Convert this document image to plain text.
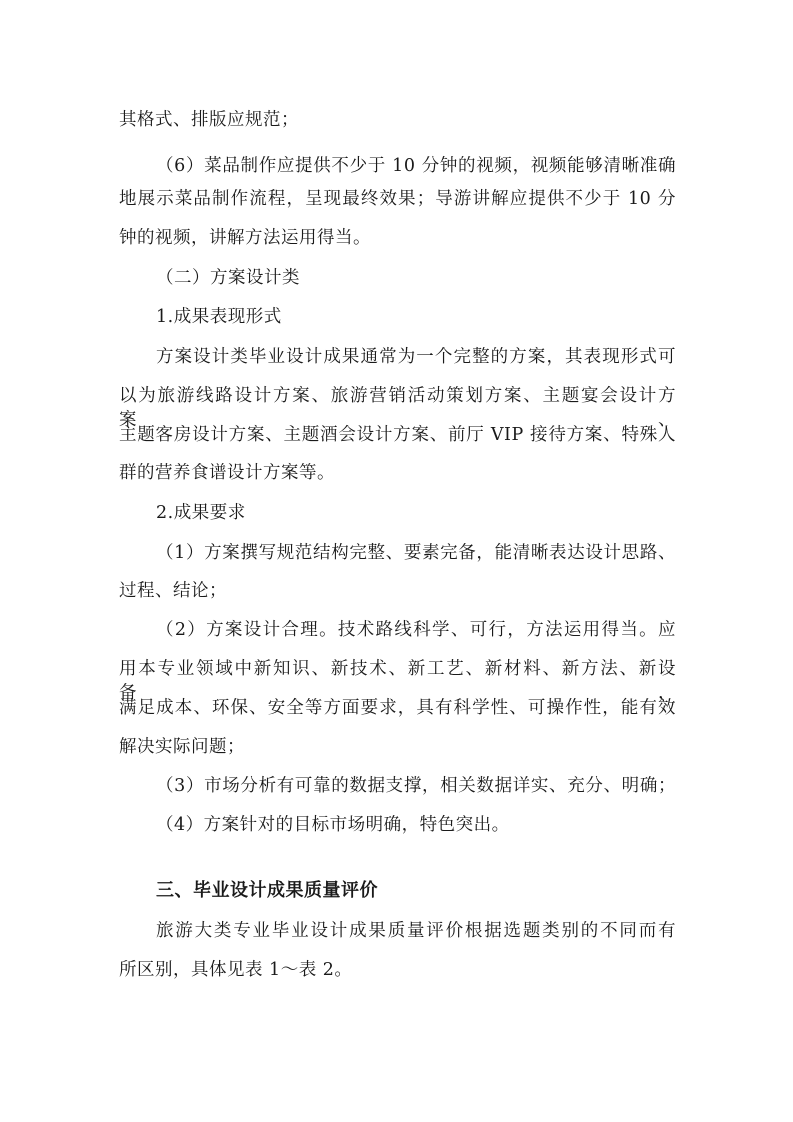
其格式、排版应规范；
（6）菜品制作应提供不少于 10 分钟的视频，视频能够清晰准确
地展示菜品制作流程，呈现最终效果；导游讲解应提供不少于 10 分
钟的视频，讲解方法运用得当。
（二）方案设计类
1.成果表现形式
方案设计类毕业设计成果通常为一个完整的方案，其表现形式可
以为旅游线路设计方案、旅游营销活动策划方案、主题宴会设计方案、
主题客房设计方案、主题酒会设计方案、前厅 VIP 接待方案、特殊人
群的营养食谱设计方案等。
2.成果要求
（1）方案撰写规范结构完整、要素完备，能清晰表达设计思路、
过程、结论；
（2）方案设计合理。技术路线科学、可行，方法运用得当。应
用本专业领域中新知识、新技术、新工艺、新材料、新方法、新设备，
满足成本、环保、安全等方面要求，具有科学性、可操作性，能有效
解决实际问题；
（3）市场分析有可靠的数据支撑，相关数据详实、充分、明确；
（4）方案针对的目标市场明确，特色突出。
三、毕业设计成果质量评价
旅游大类专业毕业设计成果质量评价根据选题类别的不同而有
所区别，具体见表 1～表 2。
